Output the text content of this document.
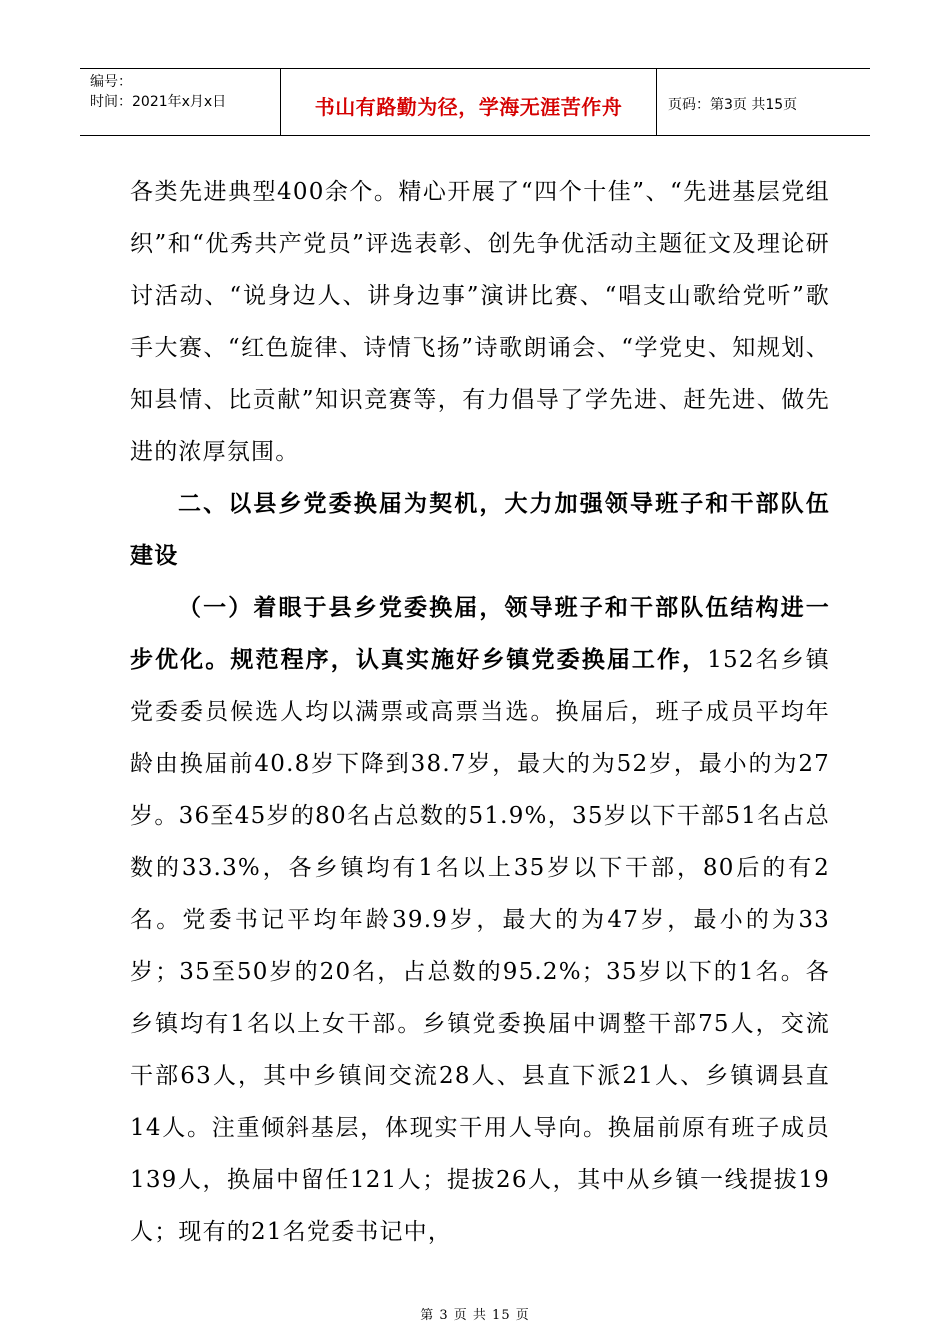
编号：
时间：2021年x月x日	书山有路勤为径，学海无涯苦作舟	页码：第3页 共15页

各类先进典型400余个。精心开展了“四个十佳”、“先进基层党组织”和“优秀共产党员”评选表彰、创先争优活动主题征文及理论研讨活动、“说身边人、讲身边事”演讲比赛、“唱支山歌给党听”歌手大赛、“红色旋律、诗情飞扬”诗歌朗诵会、“学党史、知规划、知县情、比贡献”知识竞赛等，有力倡导了学先进、赶先进、做先进的浓厚氛围。

二、以县乡党委换届为契机，大力加强领导班子和干部队伍建设

（一）着眼于县乡党委换届，领导班子和干部队伍结构进一步优化。规范程序，认真实施好乡镇党委换届工作，152名乡镇党委委员候选人均以满票或高票当选。换届后，班子成员平均年龄由换届前40.8岁下降到38.7岁，最大的为52岁，最小的为27岁。36至45岁的80名占总数的51.9%，35岁以下干部51名占总数的33.3%，各乡镇均有1名以上35岁以下干部，80后的有2名。党委书记平均年龄39.9岁，最大的为47岁，最小的为33岁；35至50岁的20名，占总数的95.2%；35岁以下的1名。各乡镇均有1名以上女干部。乡镇党委换届中调整干部75人，交流干部63人，其中乡镇间交流28人、县直下派21人、乡镇调县直14人。注重倾斜基层，体现实干用人导向。换届前原有班子成员139人，换届中留任121人；提拔26人，其中从乡镇一线提拔19人；现有的21名党委书记中，

第 3 页 共 15 页
